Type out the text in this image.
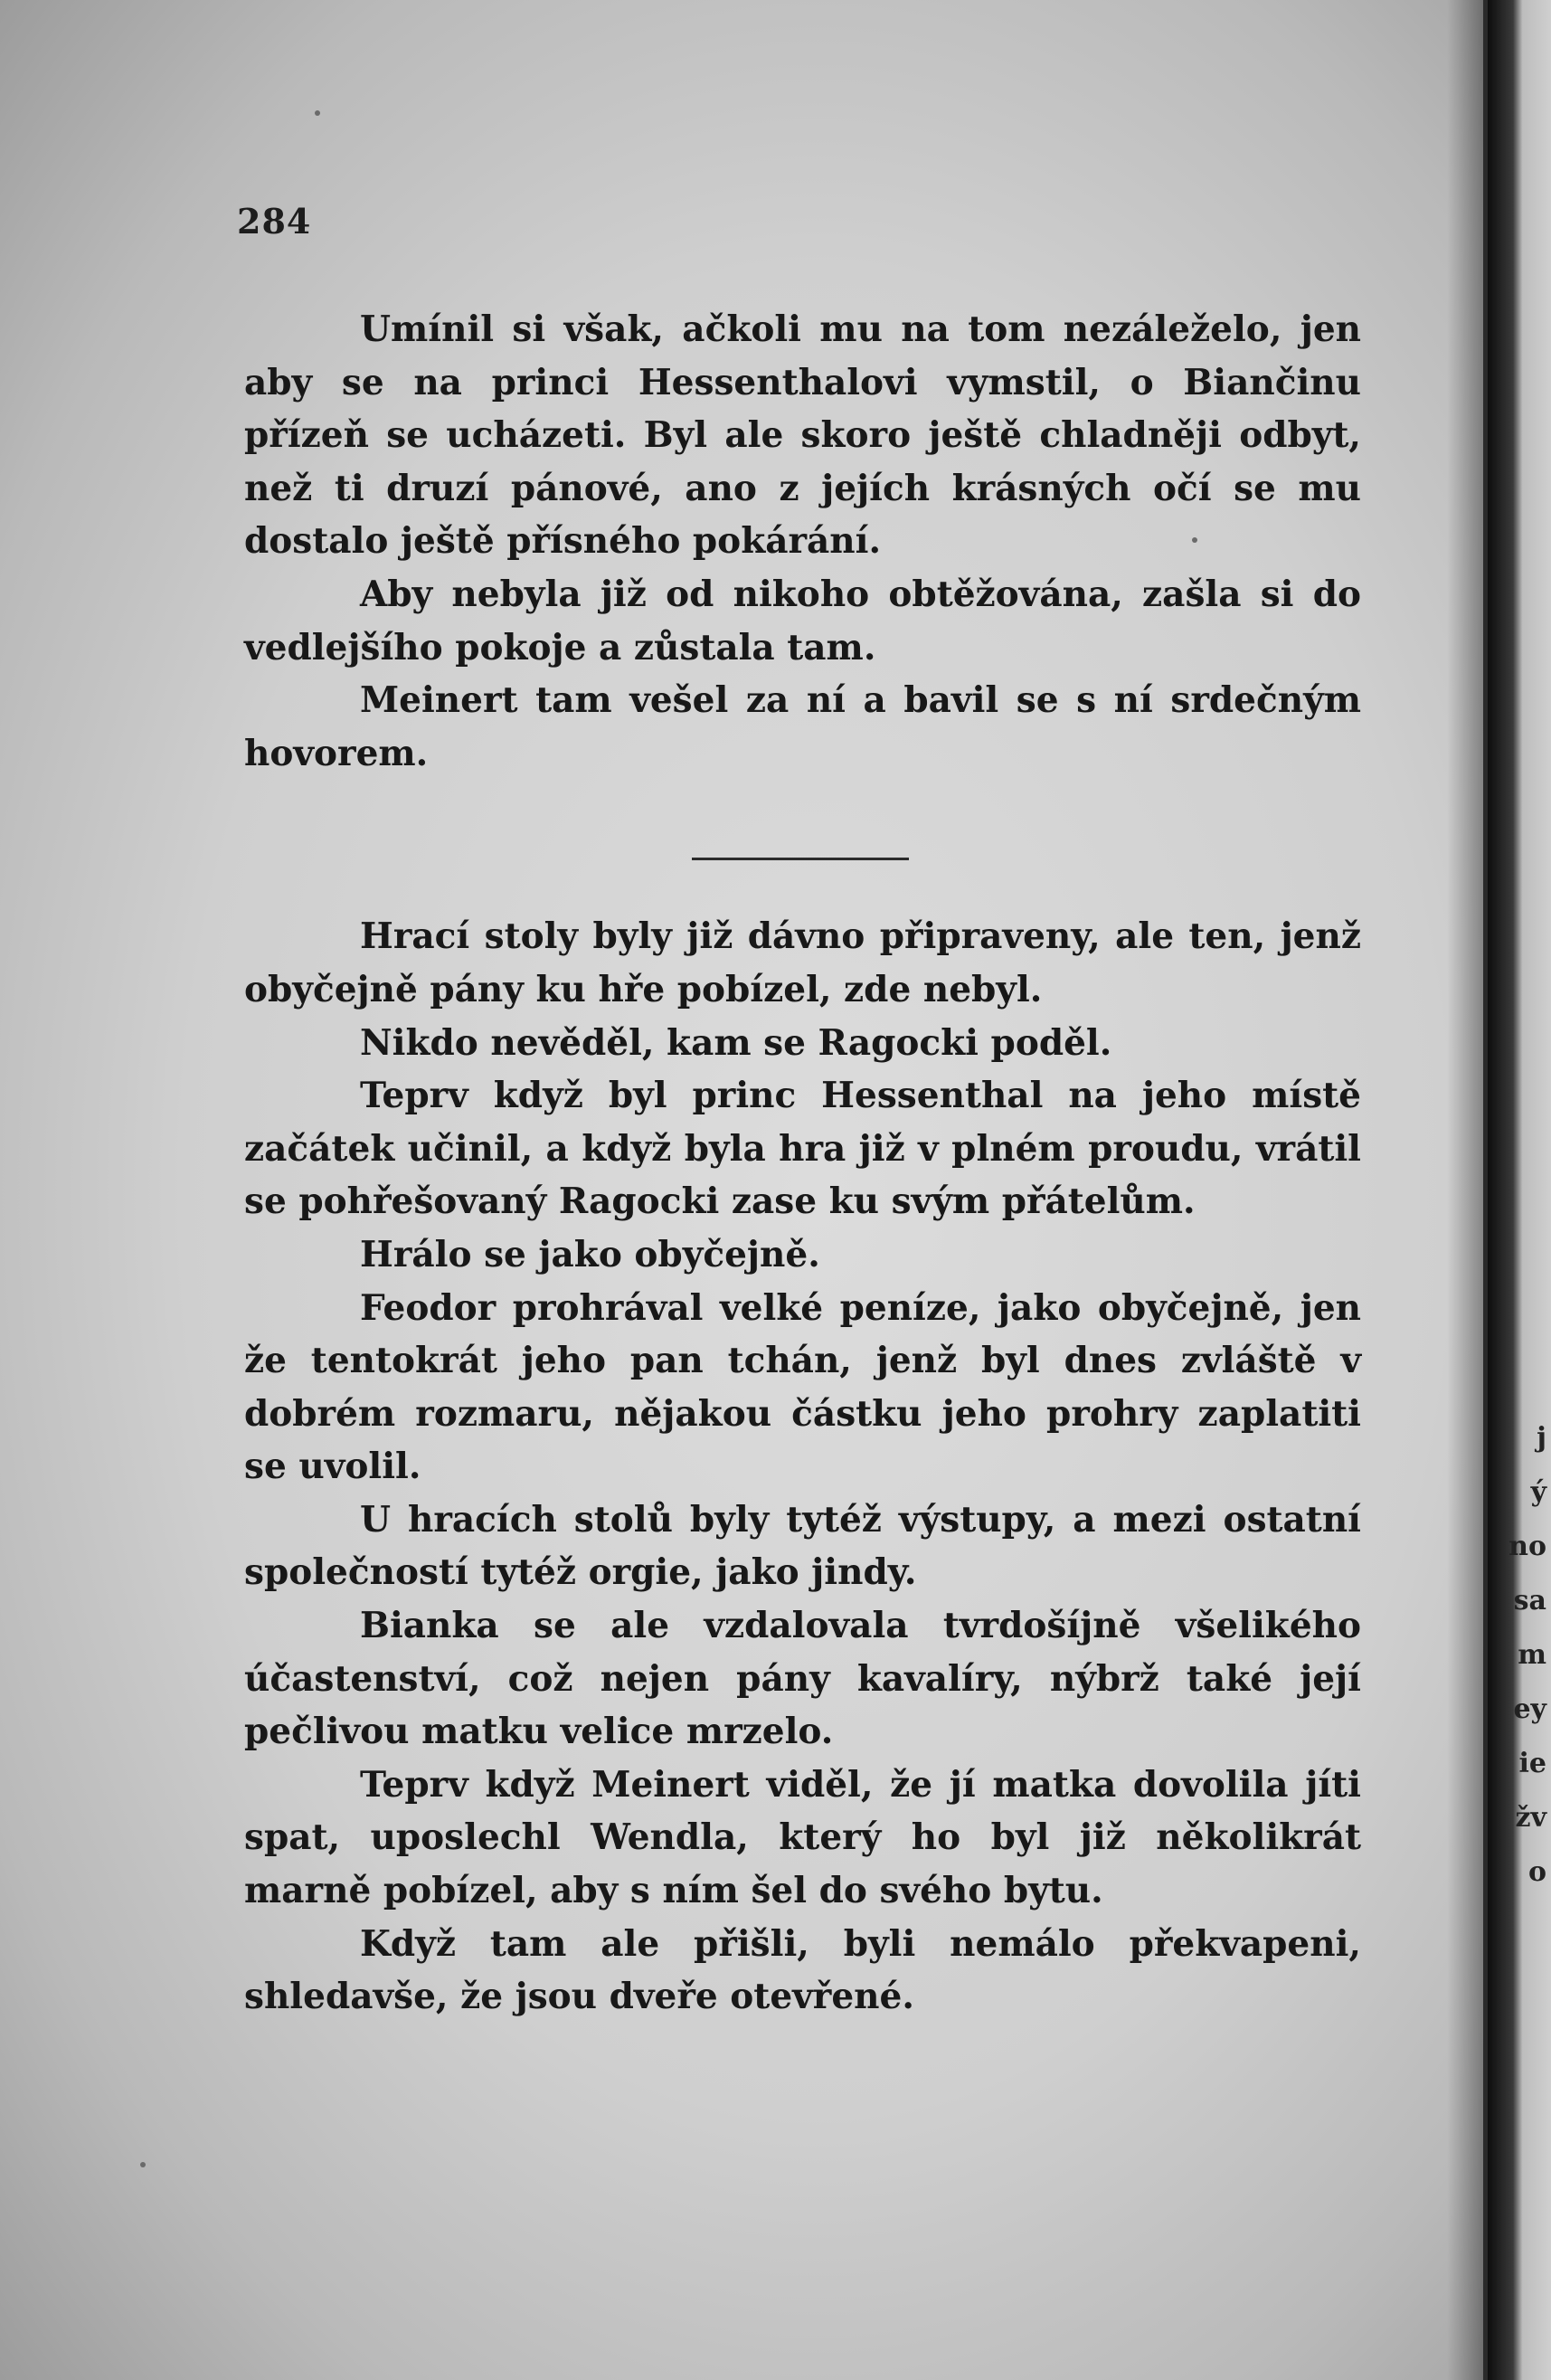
284

Umínil si však, ačkoli mu na tom nezáleželo, jen aby se na princi Hessenthalovi vymstil, o Biančinu přízeň se ucházeti. Byl ale skoro ještě chladněji odbyt, než ti druzí pánové, ano z jejích krásných očí se mu dostalo ještě přísného pokárání.

Aby nebyla již od nikoho obtěžována, zašla si do vedlejšího pokoje a zůstala tam.

Meinert tam vešel za ní a bavil se s ní srdečným hovorem.

Hrací stoly byly již dávno připraveny, ale ten, jenž obyčejně pány ku hře pobízel, zde nebyl.

Nikdo nevěděl, kam se Ragocki poděl.

Teprv když byl princ Hessenthal na jeho místě začátek učinil, a když byla hra již v plném proudu, vrátil se pohřešovaný Ragocki zase ku svým přátelům.

Hrálo se jako obyčejně.

Feodor prohrával velké peníze, jako obyčejně, jen že tentokrát jeho pan tchán, jenž byl dnes zvláště v dobrém rozmaru, nějakou částku jeho prohry zaplatiti se uvolil.

U hracích stolů byly tytéž výstupy, a mezi ostatní společností tytéž orgie, jako jindy.

Bianka se ale vzdalovala tvrdošíjně všelikého účastenství, což nejen pány kavalíry, nýbrž také její pečlivou matku velice mrzelo.

Teprv když Meinert viděl, že jí matka dovolila jíti spat, uposlechl Wendla, který ho byl již několikrát marně pobízel, aby s ním šel do svého bytu.

Když tam ale přišli, byli nemálo překvapeni, shledavše, že jsou dveře otevřené.

j
ý
no
sa
m
ey
ie
žv
o
